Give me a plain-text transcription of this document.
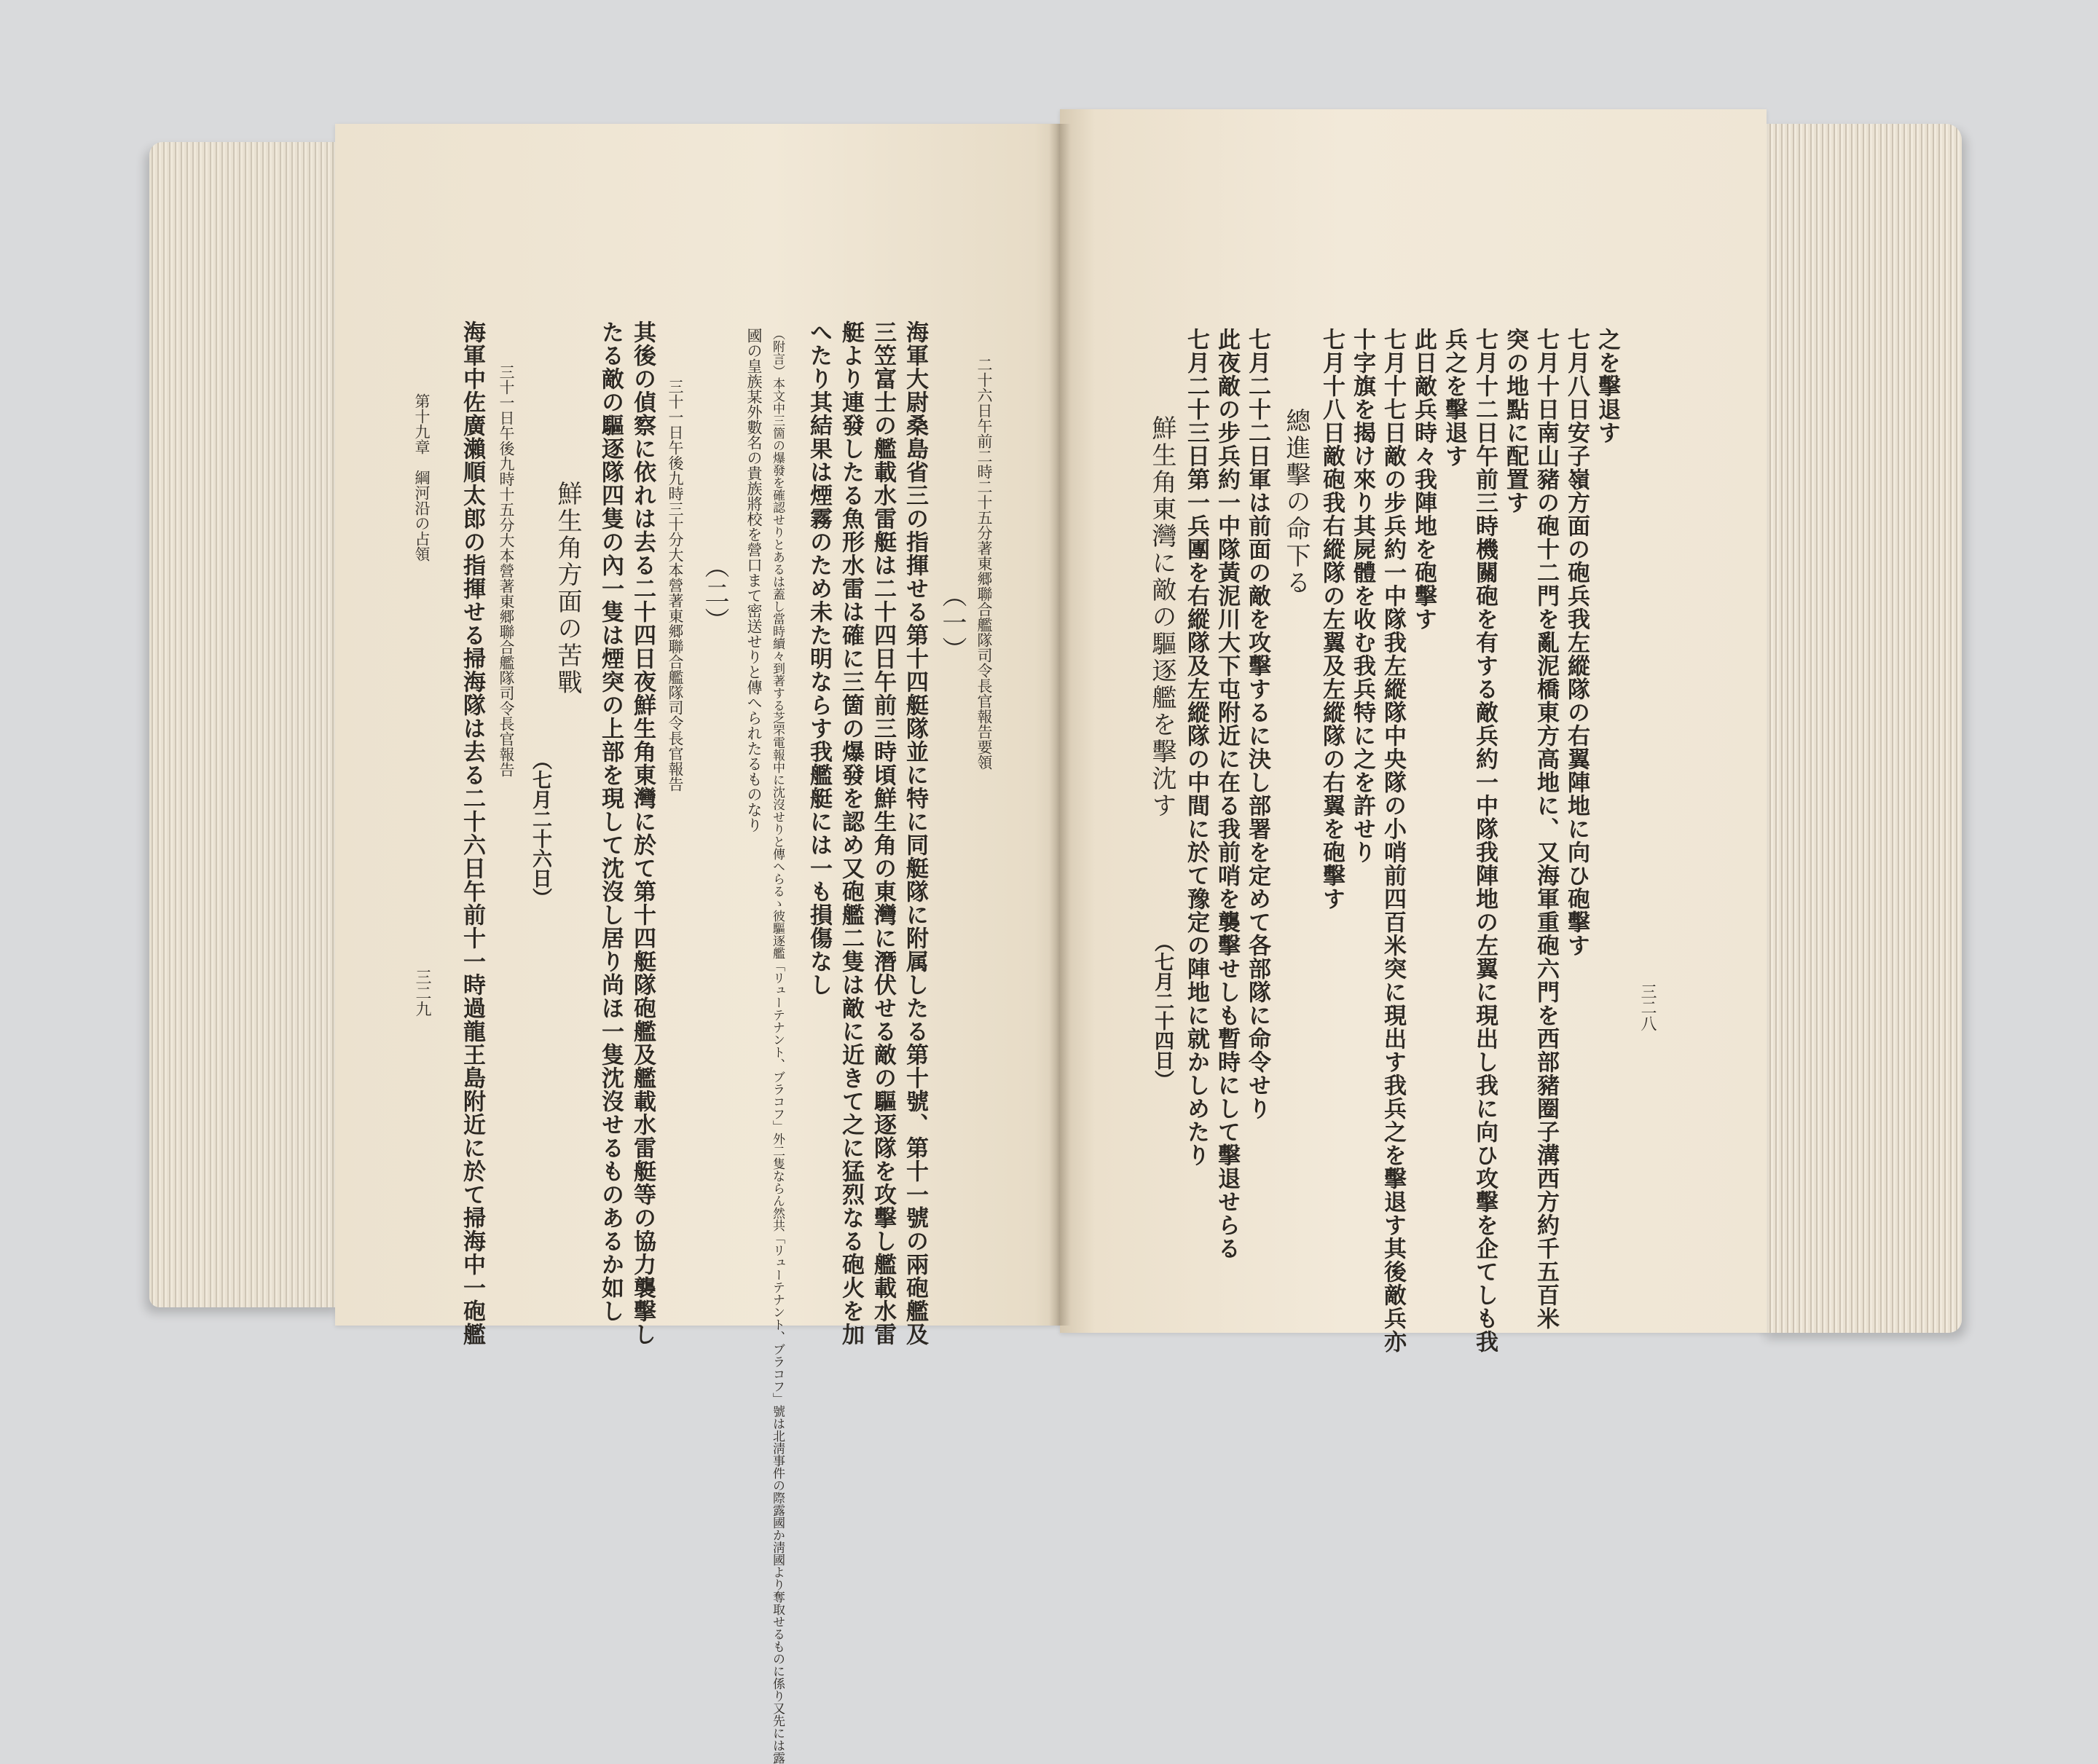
之を擊退す
七月八日安子嶺方面の砲兵我左縱隊の右翼陣地に向ひ砲擊す
七月十日南山豬の砲十二門を亂泥橋東方高地に、又海軍重砲六門を西部豬圈子溝西方約千五百米
突の地點に配置す
七月十二日午前三時機關砲を有する敵兵約一中隊我陣地の左翼に現出し我に向ひ攻擊を企てしも我
兵之を擊退す
此日敵兵時々我陣地を砲擊す
七月十七日敵の步兵約一中隊我左縱隊中央隊の小哨前四百米突に現出す我兵之を擊退す其後敵兵亦
十字旗を揭け來り其屍體を收む我兵特に之を許せり
七月十八日敵砲我右縱隊の左翼及左縱隊の右翼を砲擊す
總進擊の命下る
七月二十二日軍は前面の敵を攻擊するに決し部署を定めて各部隊に命令せり
此夜敵の步兵約一中隊黃泥川大下屯附近に在る我前哨を襲擊せしも暫時にして擊退せらる
七月二十三日第一兵團を右縱隊及左縱隊の中間に於て豫定の陣地に就かしめたり
鮮生角東灣に敵の驅逐艦を擊沈す
（七月二十四日）	三二八
二十六日午前二時二十五分著東郷聯合艦隊司令長官報告要領
（一）
海軍大尉桑島省三の指揮せる第十四艇隊並に特に同艇隊に附属したる第十號、第十一號の兩砲艦及
三笠富士の艦載水雷艇は二十四日午前三時頃鮮生角の東灣に潛伏せる敵の驅逐隊を攻擊し艦載水雷
艇より連發したる魚形水雷は確に三箇の爆發を認め又砲艦二隻は敵に近きて之に猛烈なる砲火を加
へたり其結果は煙霧のため未た明ならす我艦艇には一も損傷なし
（附言）本文中三箇の爆發を確認せりとあるは蓋し當時續々到著する芝罘電報中に沈沒せりと傳へらるゝ彼驅逐艦「リューテナント、ブラコフ」外二隻ならん然共「リューテナント、ブラコフ」號は北淸事件の際露國か淸國より奪取せるものに係り又先には露
國の皇族某外數名の貴族將校を營口まて密送せりと傳へられたるものなり
（二）
三十一日午後九時三十分大本營著東郷聯合艦隊司令長官報告
其後の偵察に依れは去る二十四日夜鮮生角東灣に於て第十四艇隊砲艦及艦載水雷艇等の協力襲擊し
たる敵の驅逐隊四隻の內一隻は煙突の上部を現して沈沒し居り尚ほ一隻沈沒せるものあるか如し
鮮生角方面の苦戰
（七月二十六日）
三十一日午後九時十五分大本營著東郷聯合艦隊司令長官報告
海軍中佐廣瀨順太郎の指揮せる掃海隊は去る二十六日午前十一時過龍王島附近に於て掃海中一砲艦
第十九章　綱河沿の占領
三二九
